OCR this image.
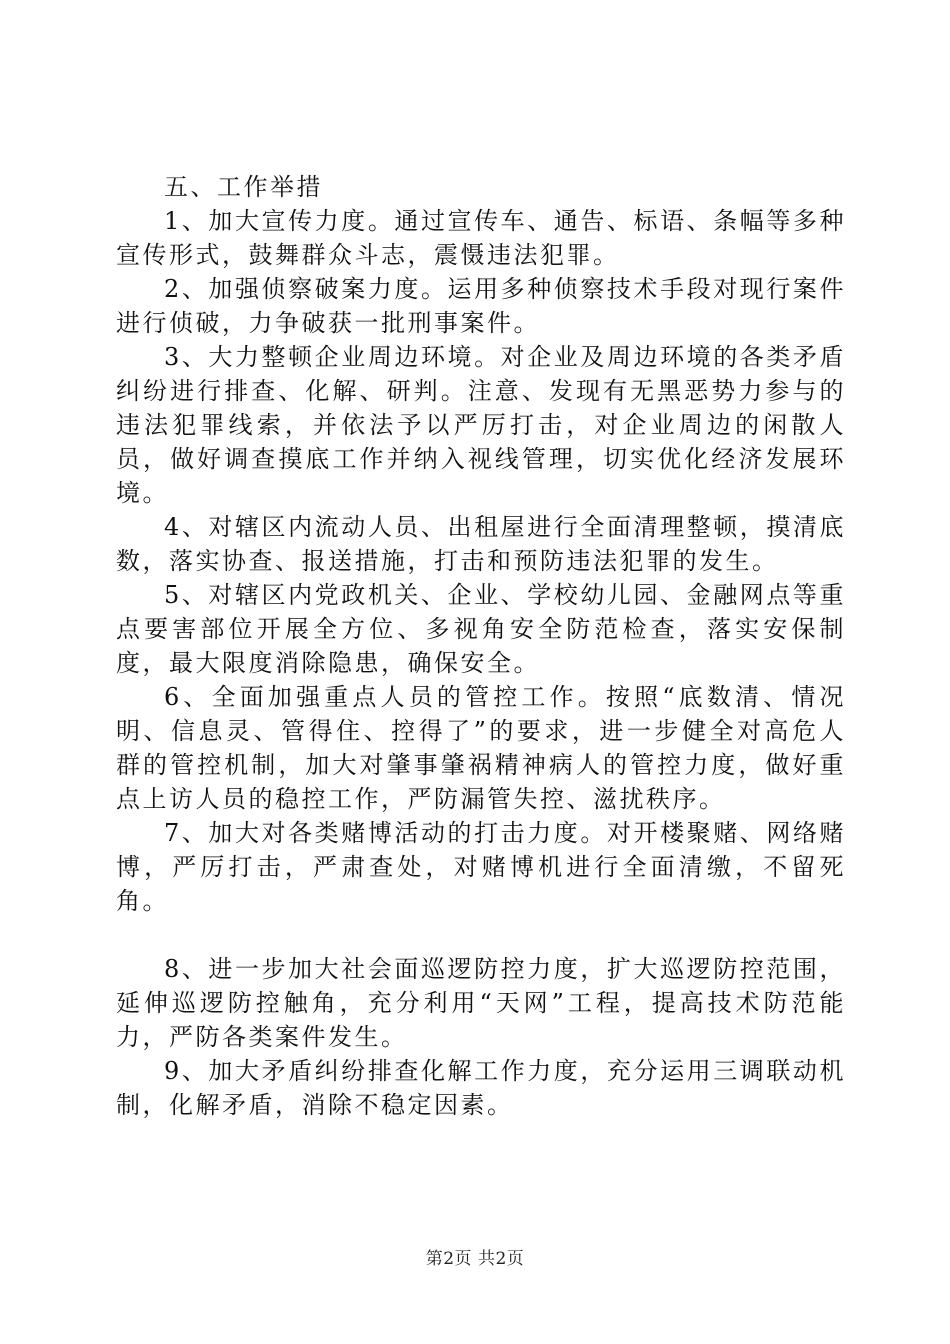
五、工作举措

1、加大宣传力度。通过宣传车、通告、标语、条幅等多种宣传形式，鼓舞群众斗志，震慑违法犯罪。

2、加强侦察破案力度。运用多种侦察技术手段对现行案件进行侦破，力争破获一批刑事案件。

3、大力整顿企业周边环境。对企业及周边环境的各类矛盾纠纷进行排查、化解、研判。注意、发现有无黑恶势力参与的违法犯罪线索，并依法予以严厉打击，对企业周边的闲散人员，做好调查摸底工作并纳入视线管理，切实优化经济发展环境。

4、对辖区内流动人员、出租屋进行全面清理整顿，摸清底数，落实协查、报送措施，打击和预防违法犯罪的发生。

5、对辖区内党政机关、企业、学校幼儿园、金融网点等重点要害部位开展全方位、多视角安全防范检查，落实安保制度，最大限度消除隐患，确保安全。

6、全面加强重点人员的管控工作。按照“底数清、情况明、信息灵、管得住、控得了”的要求，进一步健全对高危人群的管控机制，加大对肇事肇祸精神病人的管控力度，做好重点上访人员的稳控工作，严防漏管失控、滋扰秩序。

7、加大对各类赌博活动的打击力度。对开楼聚赌、网络赌博，严厉打击，严肃查处，对赌博机进行全面清缴，不留死角。

8、进一步加大社会面巡逻防控力度，扩大巡逻防控范围，延伸巡逻防控触角，充分利用“天网”工程，提高技术防范能力，严防各类案件发生。

9、加大矛盾纠纷排查化解工作力度，充分运用三调联动机制，化解矛盾，消除不稳定因素。

第2页 共2页
